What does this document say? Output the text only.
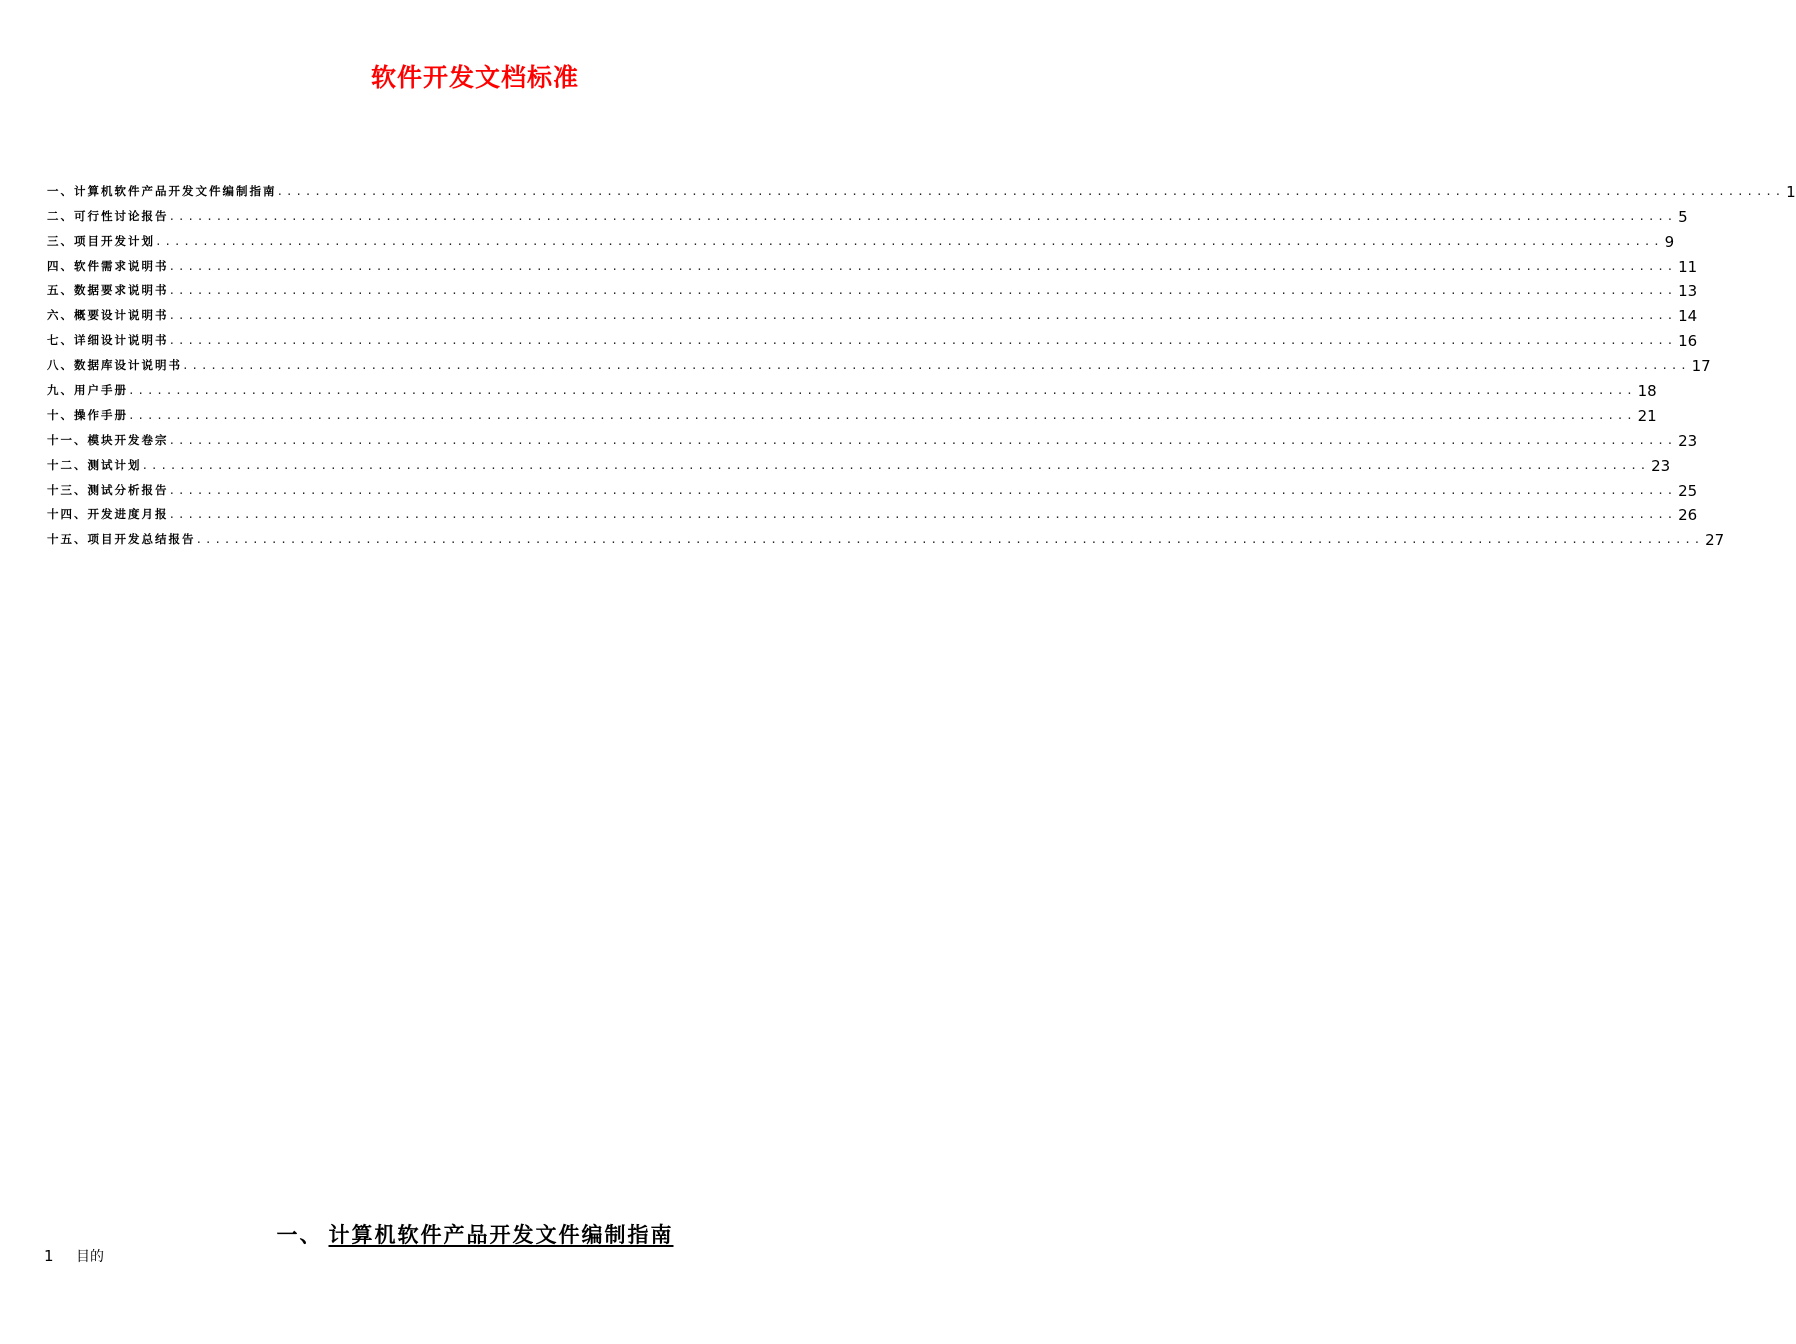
软件开发文档标准
一、计算机软件产品开发文件编制指南 ................................................................................................................................................................ 1
二、可行性讨论报告 ................................................................................................................................................................ 5
三、项目开发计划 ................................................................................................................................................................ 9
四、软件需求说明书 ................................................................................................................................................................ 11
五、数据要求说明书 ................................................................................................................................................................ 13
六、概要设计说明书 ................................................................................................................................................................ 14
七、详细设计说明书 ................................................................................................................................................................ 16
八、数据库设计说明书 ................................................................................................................................................................ 17
九、用户手册 ................................................................................................................................................................ 18
十、操作手册 ................................................................................................................................................................ 21
十一、模块开发卷宗 ................................................................................................................................................................ 23
十二、测试计划 ................................................................................................................................................................ 23
十三、测试分析报告 ................................................................................................................................................................ 25
十四、开发进度月报 ................................................................................................................................................................ 26
十五、项目开发总结报告 ................................................................................................................................................................ 27
一、 计算机软件产品开发文件编制指南
1 目的
